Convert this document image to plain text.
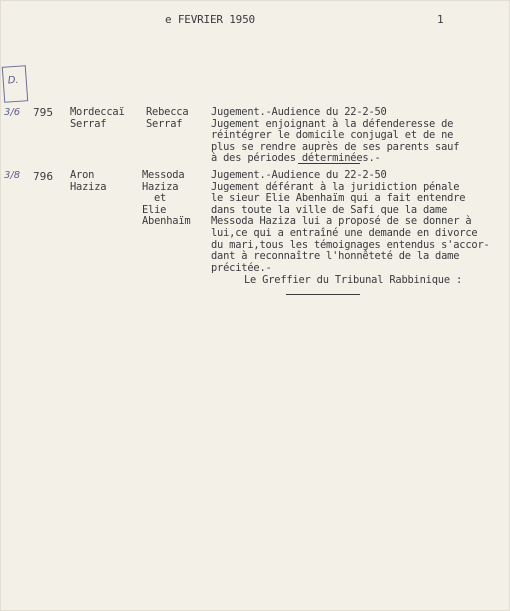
e FEVRIER 1950	1
D.
3/6 795 Mordeccaï
Serraf
Rebecca
Serraf
Jugement.-Audience du 22-2-50
Jugement enjoignant à la défenderesse de
réintégrer le domicile conjugal et de ne
plus se rendre auprès de ses parents sauf
à des périodes déterminées.-
3/8 796 Aron
Haziza
Messoda
Haziza
et
Elie
Abenhaïm
Jugement.-Audience du 22-2-50
Jugement déférant à la juridiction pénale
le sieur Elie Abenhaïm qui a fait entendre
dans toute la ville de Safi que la dame
Messoda Haziza lui a proposé de se donner à
lui,ce qui a entraîné une demande en divorce
du mari,tous les témoignages entendus s'accor-
dant à reconnaître l'honnêteté de la dame
précitée.-
Le Greffier du Tribunal Rabbinique :
